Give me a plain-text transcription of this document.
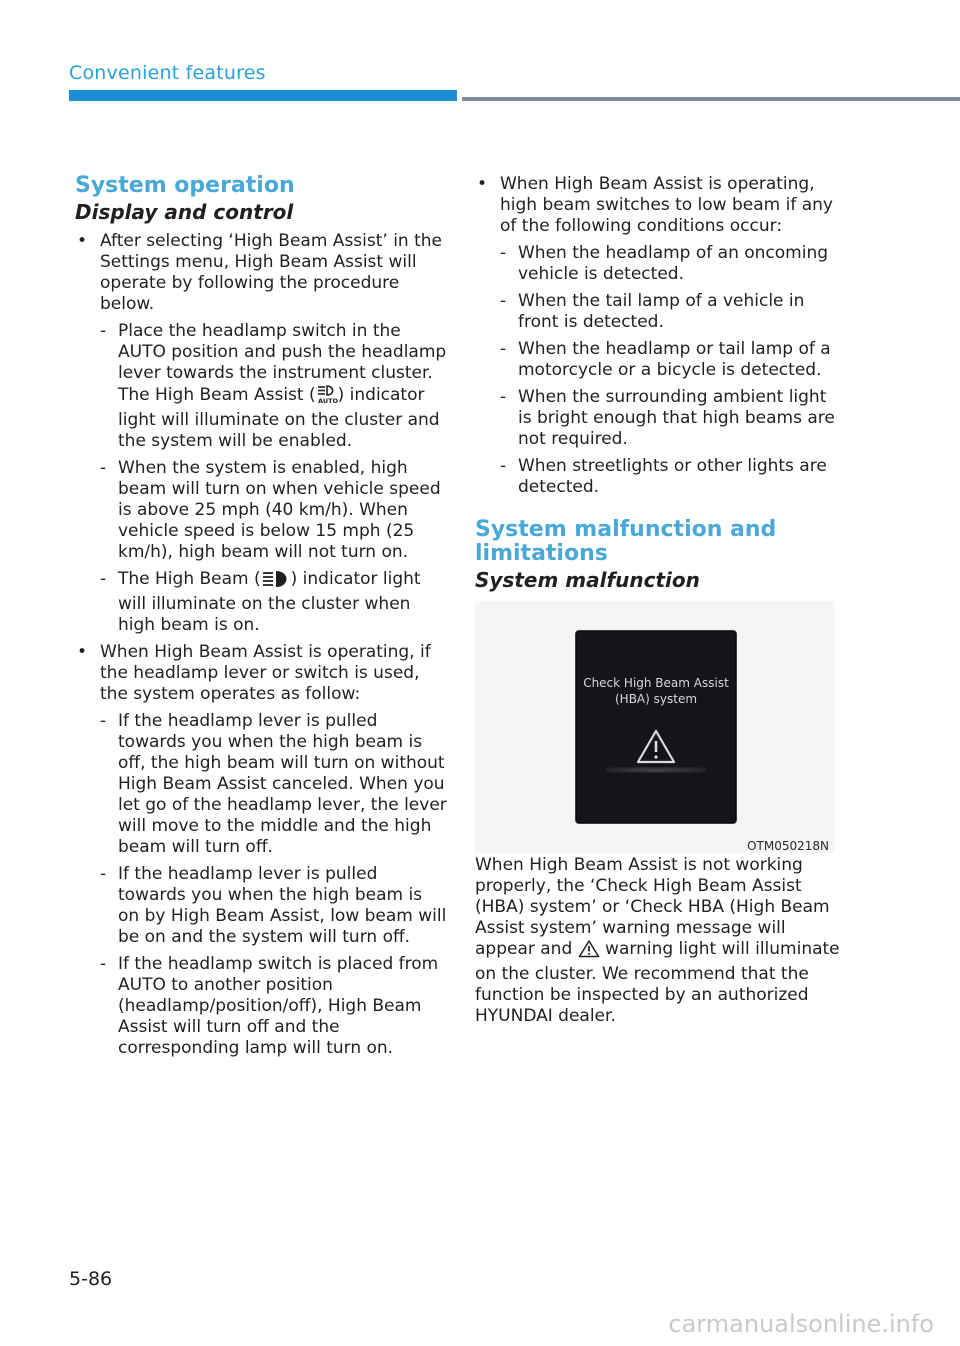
Convenient features
System operation
Display and control
• After selecting ‘High Beam Assist’ in the Settings menu, High Beam Assist will operate by following the procedure below.
- Place the headlamp switch in the AUTO position and push the headlamp lever towards the instrument cluster. The High Beam Assist ( AUTO ) indicator light will illuminate on the cluster and the system will be enabled.
- When the system is enabled, high beam will turn on when vehicle speed is above 25 mph (40 km/h). When vehicle speed is below 15 mph (25 km/h), high beam will not turn on.
- The High Beam ( ) indicator light will illuminate on the cluster when high beam is on.
• When High Beam Assist is operating, if the headlamp lever or switch is used, the system operates as follow:
- If the headlamp lever is pulled towards you when the high beam is off, the high beam will turn on without High Beam Assist canceled. When you let go of the headlamp lever, the lever will move to the middle and the high beam will turn off.
- If the headlamp lever is pulled towards you when the high beam is on by High Beam Assist, low beam will be on and the system will turn off.
- If the headlamp switch is placed from AUTO to another position (headlamp/position/off), High Beam Assist will turn off and the corresponding lamp will turn on.
• When High Beam Assist is operating, high beam switches to low beam if any of the following conditions occur:
- When the headlamp of an oncoming vehicle is detected.
- When the tail lamp of a vehicle in front is detected.
- When the headlamp or tail lamp of a motorcycle or a bicycle is detected.
- When the surrounding ambient light is bright enough that high beams are not required.
- When streetlights or other lights are detected.
System malfunction and
limitations
System malfunction
When High Beam Assist is not working properly, the ‘Check High Beam Assist (HBA) system’ or ‘Check HBA (High Beam Assist system’ warning message will appear and  warning light will illuminate on the cluster. We recommend that the function be inspected by an authorized HYUNDAI dealer.
Check High Beam Assist
(HBA) system
OTM050218N
5-86
carmanualsonline.info
